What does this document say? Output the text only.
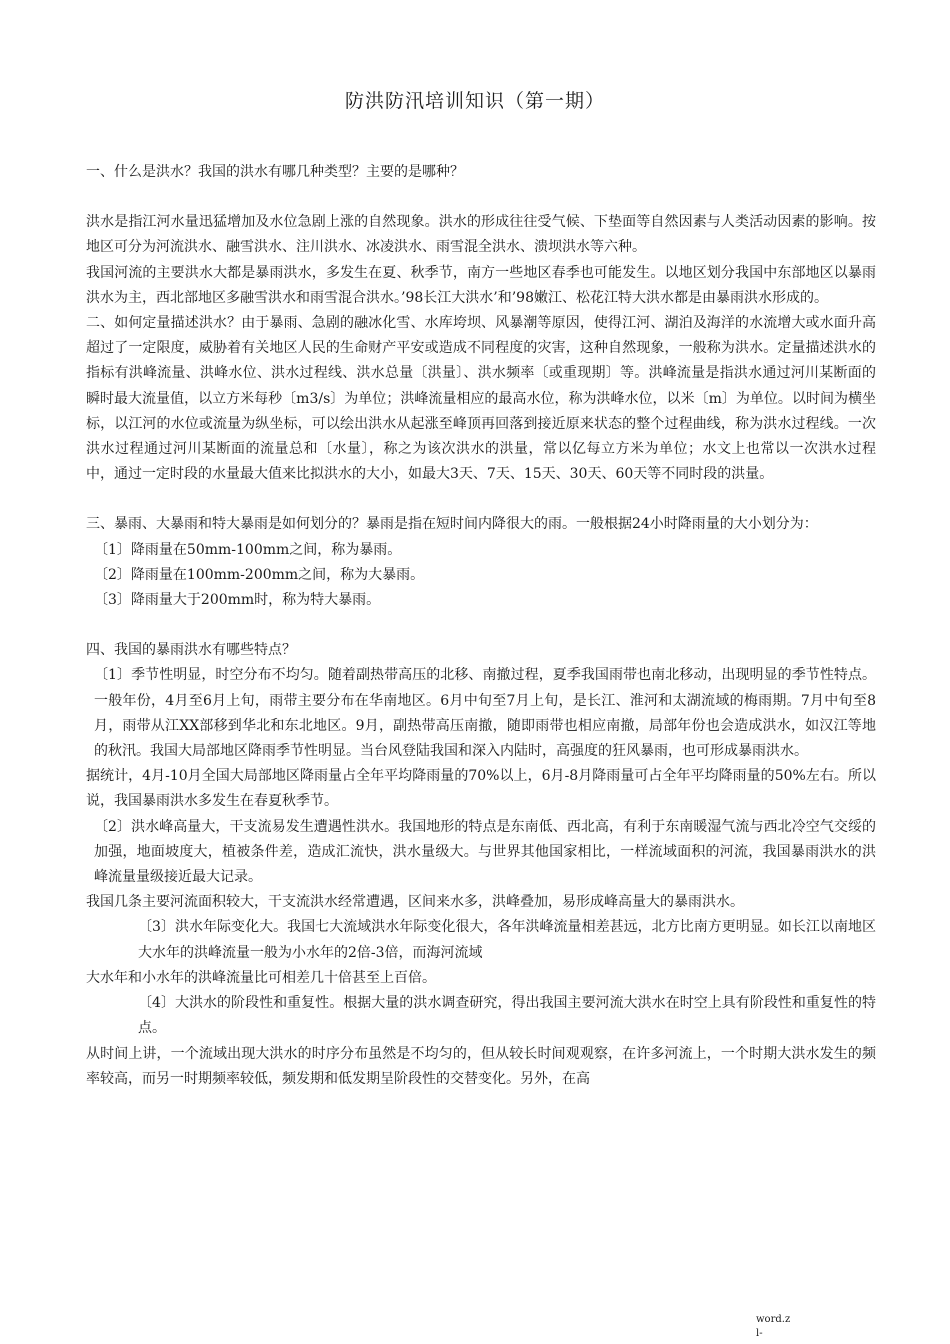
防洪防汛培训知识（第一期）

一、什么是洪水？我国的洪水有哪几种类型？主要的是哪种？

洪水是指江河水量迅猛增加及水位急剧上涨的自然现象。洪水的形成往往受气候、下垫面等自然因素与人类活动因素的影响。按地区可分为河流洪水、融雪洪水、注川洪水、冰凌洪水、雨雪混全洪水、溃坝洪水等六种。

我国河流的主要洪水大都是暴雨洪水，多发生在夏、秋季节，南方一些地区春季也可能发生。以地区划分我国中东部地区以暴雨洪水为主，西北部地区多融雪洪水和雨雪混合洪水。’98长江大洪水’和’98嫩江、松花江特大洪水都是由暴雨洪水形成的。

二、如何定量描述洪水？由于暴雨、急剧的融冰化雪、水库垮坝、风暴潮等原因，使得江河、湖泊及海洋的水流增大或水面升高超过了一定限度，威胁着有关地区人民的生命财产平安或造成不同程度的灾害，这种自然现象，一般称为洪水。定量描述洪水的指标有洪峰流量、洪峰水位、洪水过程线、洪水总量〔洪量〕、洪水频率〔或重现期〕等。洪峰流量是指洪水通过河川某断面的瞬时最大流量值，以立方米每秒〔m3/s〕为单位；洪峰流量相应的最高水位，称为洪峰水位，以米〔m〕为单位。以时间为横坐标，以江河的水位或流量为纵坐标，可以绘出洪水从起涨至峰顶再回落到接近原来状态的整个过程曲线，称为洪水过程线。一次洪水过程通过河川某断面的流量总和〔水量〕，称之为该次洪水的洪量，常以亿每立方米为单位；水文上也常以一次洪水过程中，通过一定时段的水量最大值来比拟洪水的大小，如最大3天、7天、15天、30天、60天等不同时段的洪量。

三、暴雨、大暴雨和特大暴雨是如何划分的？暴雨是指在短时间内降很大的雨。一般根据24小时降雨量的大小划分为：

〔1〕降雨量在50mm-100mm之间，称为暴雨。

〔2〕降雨量在100mm-200mm之间，称为大暴雨。

〔3〕降雨量大于200mm时，称为特大暴雨。

四、我国的暴雨洪水有哪些特点？

〔1〕季节性明显，时空分布不均匀。随着副热带高压的北移、南撤过程，夏季我国雨带也南北移动，出现明显的季节性特点。一般年份，4月至6月上旬，雨带主要分布在华南地区。6月中旬至7月上旬，是长江、淮河和太湖流域的梅雨期。7月中旬至8月，雨带从江XX部移到华北和东北地区。9月，副热带高压南撤，随即雨带也相应南撤，局部年份也会造成洪水，如汉江等地的秋汛。我国大局部地区降雨季节性明显。当台风登陆我国和深入内陆时，高强度的狂风暴雨，也可形成暴雨洪水。

据统计，4月-10月全国大局部地区降雨量占全年平均降雨量的70%以上，6月-8月降雨量可占全年平均降雨量的50%左右。所以说，我国暴雨洪水多发生在春夏秋季节。

〔2〕洪水峰高量大，干支流易发生遭遇性洪水。我国地形的特点是东南低、西北高，有利于东南暖湿气流与西北冷空气交绥的加强，地面坡度大，植被条件差，造成汇流快，洪水量级大。与世界其他国家相比，一样流域面积的河流，我国暴雨洪水的洪峰流量量级接近最大记录。

我国几条主要河流面积较大，干支流洪水经常遭遇，区间来水多，洪峰叠加，易形成峰高量大的暴雨洪水。

〔3〕洪水年际变化大。我国七大流域洪水年际变化很大，各年洪峰流量相差甚远，北方比南方更明显。如长江以南地区大水年的洪峰流量一般为小水年的2倍-3倍，而海河流域

大水年和小水年的洪峰流量比可相差几十倍甚至上百倍。

〔4〕大洪水的阶段性和重复性。根据大量的洪水调查研究，得出我国主要河流大洪水在时空上具有阶段性和重复性的特点。

从时间上讲，一个流域出现大洪水的时序分布虽然是不均匀的，但从较长时间观观察，在许多河流上，一个时期大洪水发生的频率较高，而另一时期频率较低，频发期和低发期呈阶段性的交替变化。另外，在高

word.z
l-
